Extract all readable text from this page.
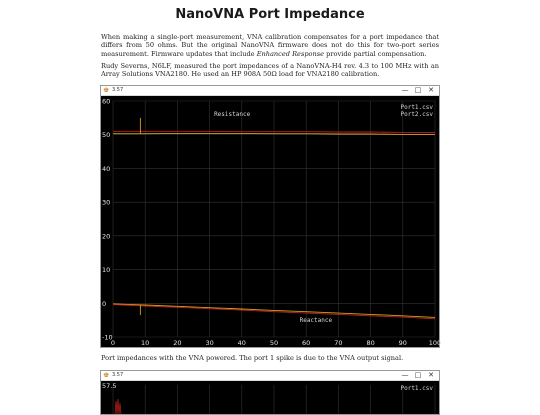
NanoVNA Port Impedance

When making a single-port measurement, VNA calibration compensates for a port impedance that differs from 50 ohms. But the original NanoVNA firmware does not do this for two-port series measurement. Firmware updates that include Enhanced Response provide partial compensation.

Rudy Severns, N6LF, measured the port impedances of a NanoVNA-H4 rev. 4.3 to 100 MHz with an Array Solutions VNA2180. He used an HP 908A 50Ω load for VNA2180 calibration.

♚ 3.57	— □ ✕
0	10	20	30	40	50	60	70	80	90	100
-10
0
10
20
30
40
50
60
Port1.csv
Port2.csv
Resistance
Reactance
Port impedances with the VNA powered. The port 1 spike is due to the VNA output signal.
♚ 3.57	— □ ✕
57.5	Port1.csv
